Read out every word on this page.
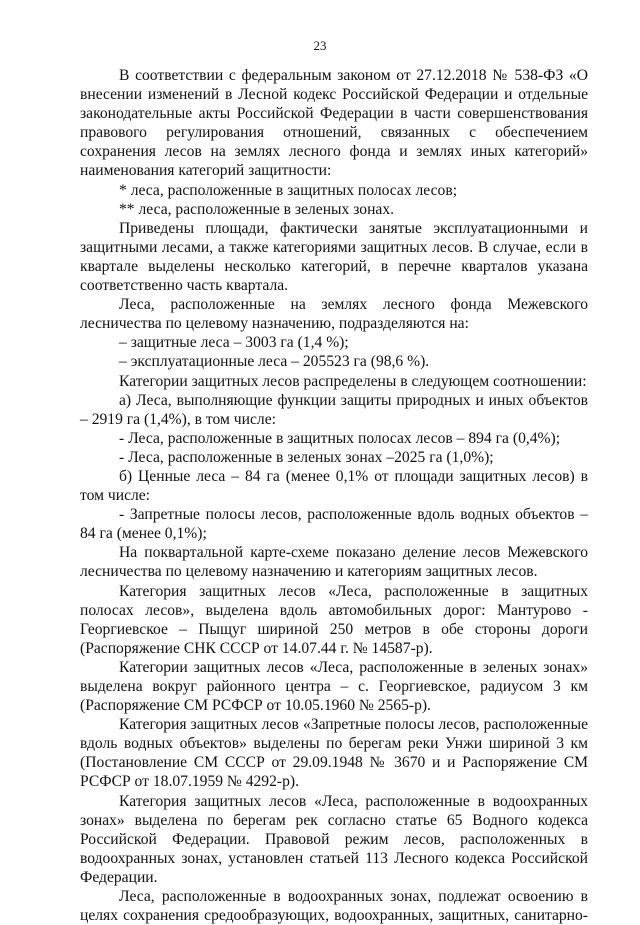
23

В соответствии с федеральным законом от 27.12.2018 № 538-ФЗ «О внесении изменений в Лесной кодекс Российской Федерации и отдельные законодательные акты Российской Федерации в части совершенствования правового регулирования отношений, связанных с обеспечением сохранения лесов на землях лесного фонда и землях иных категорий» наименования категорий защитности:

* леса, расположенные в защитных полосах лесов;

** леса, расположенные в зеленых зонах.

Приведены площади, фактически занятые эксплуатационными и защитными лесами, а также категориями защитных лесов. В случае, если в квартале выделены несколько категорий, в перечне кварталов указана соответственно часть квартала.

Леса, расположенные на землях лесного фонда Межевского лесничества по целевому назначению, подразделяются на:

‒ защитные леса – 3003 га (1,4 %);

‒ эксплуатационные леса – 205523 га (98,6 %).

Категории защитных лесов распределены в следующем соотношении:

а) Леса, выполняющие функции защиты природных и иных объектов – 2919 га (1,4%), в том числе:

- Леса, расположенные в защитных полосах лесов – 894 га (0,4%);

- Леса, расположенные в зеленых зонах –2025 га (1,0%);

б) Ценные леса – 84 га (менее 0,1% от площади защитных лесов) в том числе:

- Запретные полосы лесов, расположенные вдоль водных объектов – 84 га (менее 0,1%);

На поквартальной карте-схеме показано деление лесов Межевского лесничества по целевому назначению и категориям защитных лесов.

Категория защитных лесов «Леса, расположенные в защитных полосах лесов», выделена вдоль автомобильных дорог: Мантурово - Георгиевское – Пыщуг шириной 250 метров в обе стороны дороги (Распоряжение СНК СССР от 14.07.44 г. № 14587-р).

Категории защитных лесов «Леса, расположенные в зеленых зонах» выделена вокруг районного центра – с. Георгиевское, радиусом 3 км (Распоряжение СМ РСФСР от 10.05.1960 № 2565-р).

Категория защитных лесов «Запретные полосы лесов, расположенные вдоль водных объектов» выделены по берегам реки Унжи шириной 3 км (Постановление СМ СССР от 29.09.1948 № 3670 и и Распоряжение СМ РСФСР от 18.07.1959 № 4292-р).

Категория защитных лесов «Леса, расположенные в водоохранных зонах» выделена по берегам рек согласно статье 65 Водного кодекса Российской Федерации. Правовой режим лесов, расположенных в водоохранных зонах, установлен статьей 113 Лесного кодекса Российской Федерации.

Леса, расположенные в водоохранных зонах, подлежат освоению в целях сохранения средообразующих, водоохранных, защитных, санитарно-
